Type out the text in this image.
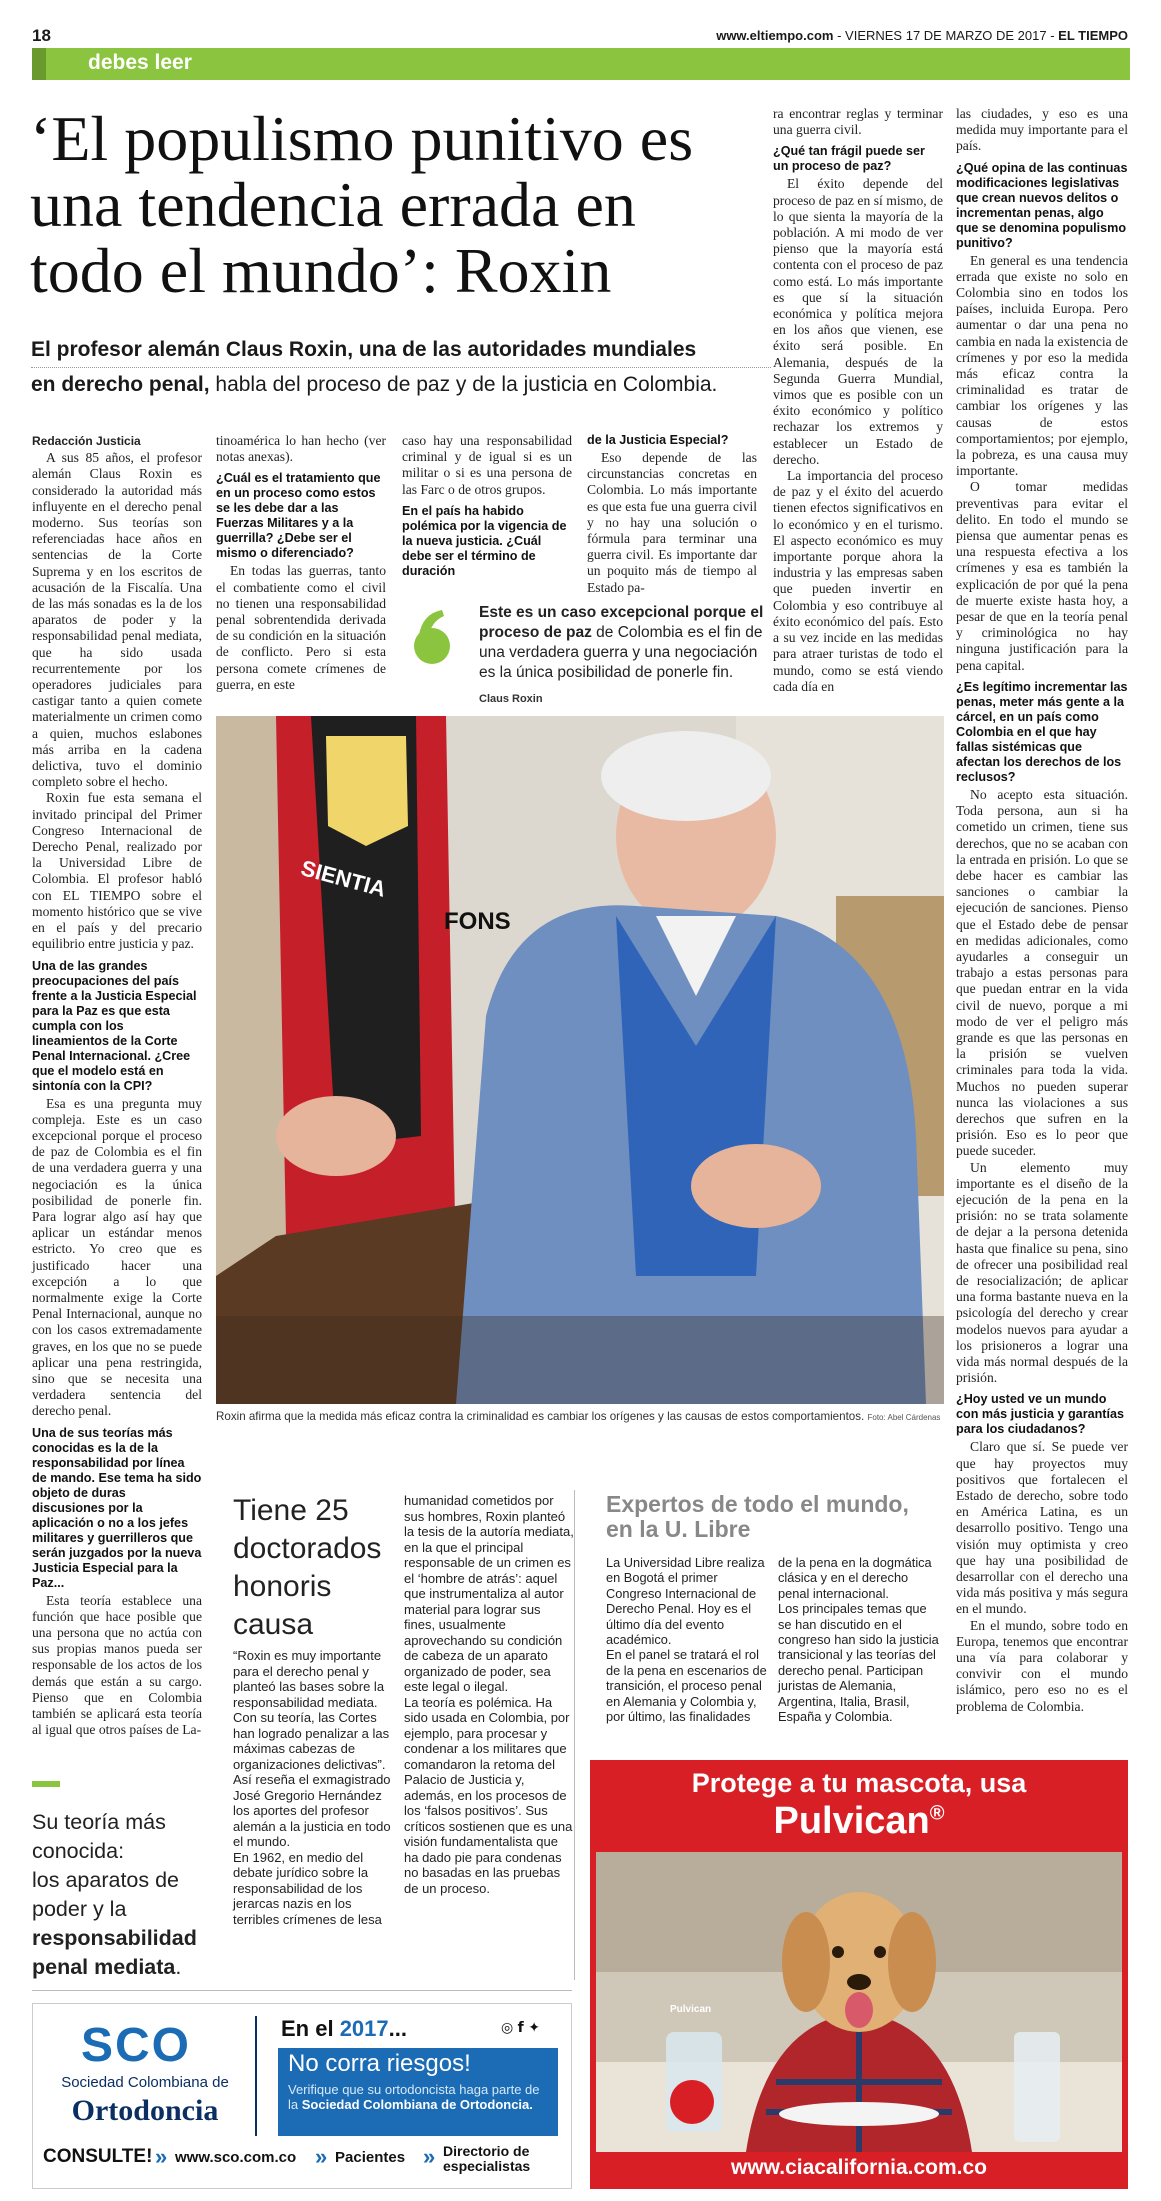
18	www.eltiempo.com - VIERNES 17 DE MARZO DE 2017 - EL TIEMPO
debes leer
‘El populismo punitivo es
una tendencia errada en
todo el mundo’: Roxin
El profesor alemán Claus Roxin, una de las autoridades mundiales
en derecho penal, habla del proceso de paz y de la justicia en Colombia.
Redacción Justicia

A sus 85 años, el profesor alemán Claus Roxin es considerado la autoridad más influyente en el derecho penal moderno. Sus teorías son referenciadas hace años en sentencias de la Corte Suprema y en los escritos de acusación de la Fiscalía. Una de las más sonadas es la de los aparatos de poder y la responsabilidad penal mediata, que ha sido usada recurrentemente por los operadores judiciales para castigar tanto a quien comete materialmente un crimen como a quien, muchos eslabones más arriba en la cadena delictiva, tuvo el dominio completo sobre el hecho.

Roxin fue esta semana el invitado principal del Primer Congreso Internacional de Derecho Penal, realizado por la Universidad Libre de Colombia. El profesor habló con EL TIEMPO sobre el momento histórico que se vive en el país y del precario equilibrio entre justicia y paz.

Una de las grandes preocupaciones del país frente a la Justicia Especial para la Paz es que esta cumpla con los lineamientos de la Corte Penal Internacional. ¿Cree que el modelo está en sintonía con la CPI?

Esa es una pregunta muy compleja. Este es un caso excepcional porque el proceso de paz de Colombia es el fin de una verdadera guerra y una negociación es la única posibilidad de ponerle fin. Para lograr algo así hay que aplicar un estándar menos estricto. Yo creo que es justificado hacer una excepción a lo que normalmente exige la Corte Penal Internacional, aunque no con los casos extremadamente graves, en los que no se puede aplicar una pena restringida, sino que se necesita una verdadera sentencia del derecho penal.

Una de sus teorías más conocidas es la de la responsabilidad por línea de mando. Ese tema ha sido objeto de duras discusiones por la aplicación o no a los jefes militares y guerrilleros que serán juzgados por la nueva Justicia Especial para la Paz...

Esta teoría establece una función que hace posible que una persona que no actúa con sus propias manos pueda ser responsable de los actos de los demás que están a su cargo. Pienso que en Colombia también se aplicará esta teoría al igual que otros países de La-

tinoamérica lo han hecho (ver notas anexas).

¿Cuál es el tratamiento que en un proceso como estos se les debe dar a las Fuerzas Militares y a la guerrilla? ¿Debe ser el mismo o diferenciado?

En todas las guerras, tanto el combatiente como el civil no tienen una responsabilidad penal sobrentendida derivada de su condición en la situación de conflicto. Pero si esta persona comete crímenes de guerra, en este

caso hay una responsabilidad criminal y de igual si es un militar o si es una persona de las Farc o de otros grupos.

En el país ha habido polémica por la vigencia de la nueva justicia. ¿Cuál debe ser el término de duración
de la Justicia Especial?

Eso depende de las circunstancias concretas en Colombia. Lo más importante es que esta fue una guerra civil y no hay una solución o fórmula para terminar una guerra civil. Es importante dar un poquito más de tiempo al Estado pa-

Este es un caso excepcional porque el proceso de paz de Colombia es el fin de una verdadera guerra y una negociación es la única posibilidad de ponerle fin.
Claus Roxin

ra encontrar reglas y terminar una guerra civil.

¿Qué tan frágil puede ser un proceso de paz?

El éxito depende del proceso de paz en sí mismo, de lo que sienta la mayoría de la población. A mi modo de ver pienso que la mayoría está contenta con el proceso de paz como está. Lo más importante es que sí la situación económica y política mejora en los años que vienen, ese éxito será posible. En Alemania, después de la Segunda Guerra Mundial, vimos que es posible con un éxito económico y político rechazar los extremos y establecer un Estado de derecho.

La importancia del proceso de paz y el éxito del acuerdo tienen efectos significativos en lo económico y en el turismo. El aspecto económico es muy importante porque ahora la industria y las empresas saben que pueden invertir en Colombia y eso contribuye al éxito económico del país. Esto a su vez incide en las medidas para atraer turistas de todo el mundo, como se está viendo cada día en

las ciudades, y eso es una medida muy importante para el país.

¿Qué opina de las continuas modificaciones legislativas que crean nuevos delitos o incrementan penas, algo que se denomina populismo punitivo?

En general es una tendencia errada que existe no solo en Colombia sino en todos los países, incluida Europa. Pero aumentar o dar una pena no cambia en nada la existencia de crímenes y por eso la medida más eficaz contra la criminalidad es tratar de cambiar los orígenes y las causas de estos comportamientos; por ejemplo, la pobreza, es una causa muy importante.

O tomar medidas preventivas para evitar el delito. En todo el mundo se piensa que aumentar penas es una respuesta efectiva a los crímenes y esa es también la explicación de por qué la pena de muerte existe hasta hoy, a pesar de que en la teoría penal y criminológica no hay ninguna justificación para la pena capital.

¿Es legítimo incrementar las penas, meter más gente a la cárcel, en un país como Colombia en el que hay fallas sistémicas que afectan los derechos de los reclusos?

No acepto esta situación. Toda persona, aun si ha cometido un crimen, tiene sus derechos, que no se acaban con la entrada en prisión. Lo que se debe hacer es cambiar las sanciones o cambiar la ejecución de sanciones. Pienso que el Estado debe de pensar en medidas adicionales, como ayudarles a conseguir un trabajo a estas personas para que puedan entrar en la vida civil de nuevo, porque a mi modo de ver el peligro más grande es que las personas en la prisión se vuelven criminales para toda la vida. Muchos no pueden superar nunca las violaciones a sus derechos que sufren en la prisión. Eso es lo peor que puede suceder.

Un elemento muy importante es el diseño de la ejecución de la pena en la prisión: no se trata solamente de dejar a la persona detenida hasta que finalice su pena, sino de ofrecer una posibilidad real de resocialización; de aplicar una forma bastante nueva en la psicología del derecho y crear modelos nuevos para ayudar a los prisioneros a lograr una vida más normal después de la prisión.

¿Hoy usted ve un mundo con más justicia y garantías para los ciudadanos?

Claro que sí. Se puede ver que hay proyectos muy positivos que fortalecen el Estado de derecho, sobre todo en América Latina, es un desarrollo positivo. Tengo una visión muy optimista y creo que hay una posibilidad de desarrollar con el derecho una vida más positiva y más segura en el mundo.

En el mundo, sobre todo en Europa, tenemos que encontrar una vía para colaborar y convivir con el mundo islámico, pero eso no es el problema de Colombia.

SIENTIA
FONS
Roxin afirma que la medida más eficaz contra la criminalidad es cambiar los orígenes y las causas de estos comportamientos. Foto: Abel Cárdenas
Tiene 25 doctorados honoris causa
“Roxin es muy importante para el derecho penal y planteó las bases sobre la responsabilidad mediata. Con su teoría, las Cortes han logrado penalizar a las máximas cabezas de organizaciones delictivas”.
Así reseña el exmagistrado José Gregorio Hernández los aportes del profesor alemán a la justicia en todo el mundo.
En 1962, en medio del debate jurídico sobre la responsabilidad de los jerarcas nazis en los terribles crímenes de lesa
humanidad cometidos por sus hombres, Roxin planteó la tesis de la autoría mediata, en la que el principal responsable de un crimen es el ‘hombre de atrás’: aquel que instrumentaliza al autor material para lograr sus fines, usualmente aprovechando su condición de cabeza de un aparato organizado de poder, sea este legal o ilegal.
La teoría es polémica. Ha sido usada en Colombia, por ejemplo, para procesar y condenar a los militares que comandaron la retoma del Palacio de Justicia y, además, en los procesos de los ‘falsos positivos’. Sus críticos sostienen que es una visión fundamentalista que ha dado pie para condenas no basadas en las pruebas de un proceso.
Expertos de todo el mundo, en la U. Libre
La Universidad Libre realiza en Bogotá el primer Congreso Internacional de Derecho Penal. Hoy es el último día del evento académico.
En el panel se tratará el rol de la pena en escenarios de transición, el proceso penal en Alemania y Colombia y, por último, las finalidades
de la pena en la dogmática clásica y en el derecho penal internacional.
Los principales temas que se han discutido en el congreso han sido la justicia transicional y las teorías del derecho penal. Participan juristas de Alemania, Argentina, Italia, Brasil, España y Colombia.
Su teoría más conocida:
los aparatos de poder y la
responsabilidad penal mediata.
SCO
Sociedad Colombiana de
Ortodoncia
En el 2017...	◎ f ✦
No corra riesgos!
Verifique que su ortodoncista haga parte de la Sociedad Colombiana de Ortodoncia.
CONSULTE! » www.sco.com.co » Pacientes » Directorio de especialistas
Protege a tu mascota, usa
Pulvican®
Pulvican
www.ciacalifornia.com.co
